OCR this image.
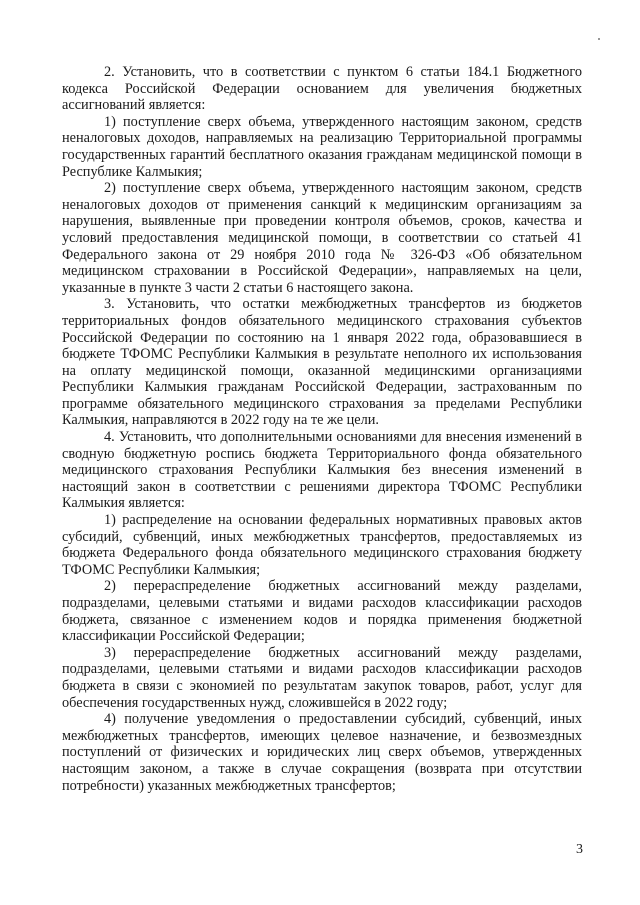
2. Установить, что в соответствии с пунктом 6 статьи 184.1 Бюджетного кодекса Российской Федерации основанием для увеличения бюджетных ассигнований является:

1) поступление сверх объема, утвержденного настоящим законом, средств неналоговых доходов, направляемых на реализацию Территориальной программы государственных гарантий бесплатного оказания гражданам медицинской помощи в Республике Калмыкия;

2) поступление сверх объема, утвержденного настоящим законом, средств неналоговых доходов от применения санкций к медицинским организациям за нарушения, выявленные при проведении контроля объемов, сроков, качества и условий предоставления медицинской помощи, в соответствии со статьей 41 Федерального закона от 29 ноября 2010 года № 326-ФЗ «Об обязательном медицинском страховании в Российской Федерации», направляемых на цели, указанные в пункте 3 части 2 статьи 6 настоящего закона.

3. Установить, что остатки межбюджетных трансфертов из бюджетов территориальных фондов обязательного медицинского страхования субъектов Российской Федерации по состоянию на 1 января 2022 года, образовавшиеся в бюджете ТФОМС Республики Калмыкия в результате неполного их использования на оплату медицинской помощи, оказанной медицинскими организациями Республики Калмыкия гражданам Российской Федерации, застрахованным по программе обязательного медицинского страхования за пределами Республики Калмыкия, направляются в 2022 году на те же цели.

4. Установить, что дополнительными основаниями для внесения изменений в сводную бюджетную роспись бюджета Территориального фонда обязательного медицинского страхования Республики Калмыкия без внесения изменений в настоящий закон в соответствии с решениями директора ТФОМС Республики Калмыкия является:

1) распределение на основании федеральных нормативных правовых актов субсидий, субвенций, иных межбюджетных трансфертов, предоставляемых из бюджета Федерального фонда обязательного медицинского страхования бюджету ТФОМС Республики Калмыкия;

2) перераспределение бюджетных ассигнований между разделами, подразделами, целевыми статьями и видами расходов классификации расходов бюджета, связанное с изменением кодов и порядка применения бюджетной классификации Российской Федерации;

3) перераспределение бюджетных ассигнований между разделами, подразделами, целевыми статьями и видами расходов классификации расходов бюджета в связи с экономией по результатам закупок товаров, работ, услуг для обеспечения государственных нужд, сложившейся в 2022 году;

4) получение уведомления о предоставлении субсидий, субвенций, иных межбюджетных трансфертов, имеющих целевое назначение, и безвозмездных поступлений от физических и юридических лиц сверх объемов, утвержденных настоящим законом, а также в случае сокращения (возврата при отсутствии потребности) указанных межбюджетных трансфертов;

3
